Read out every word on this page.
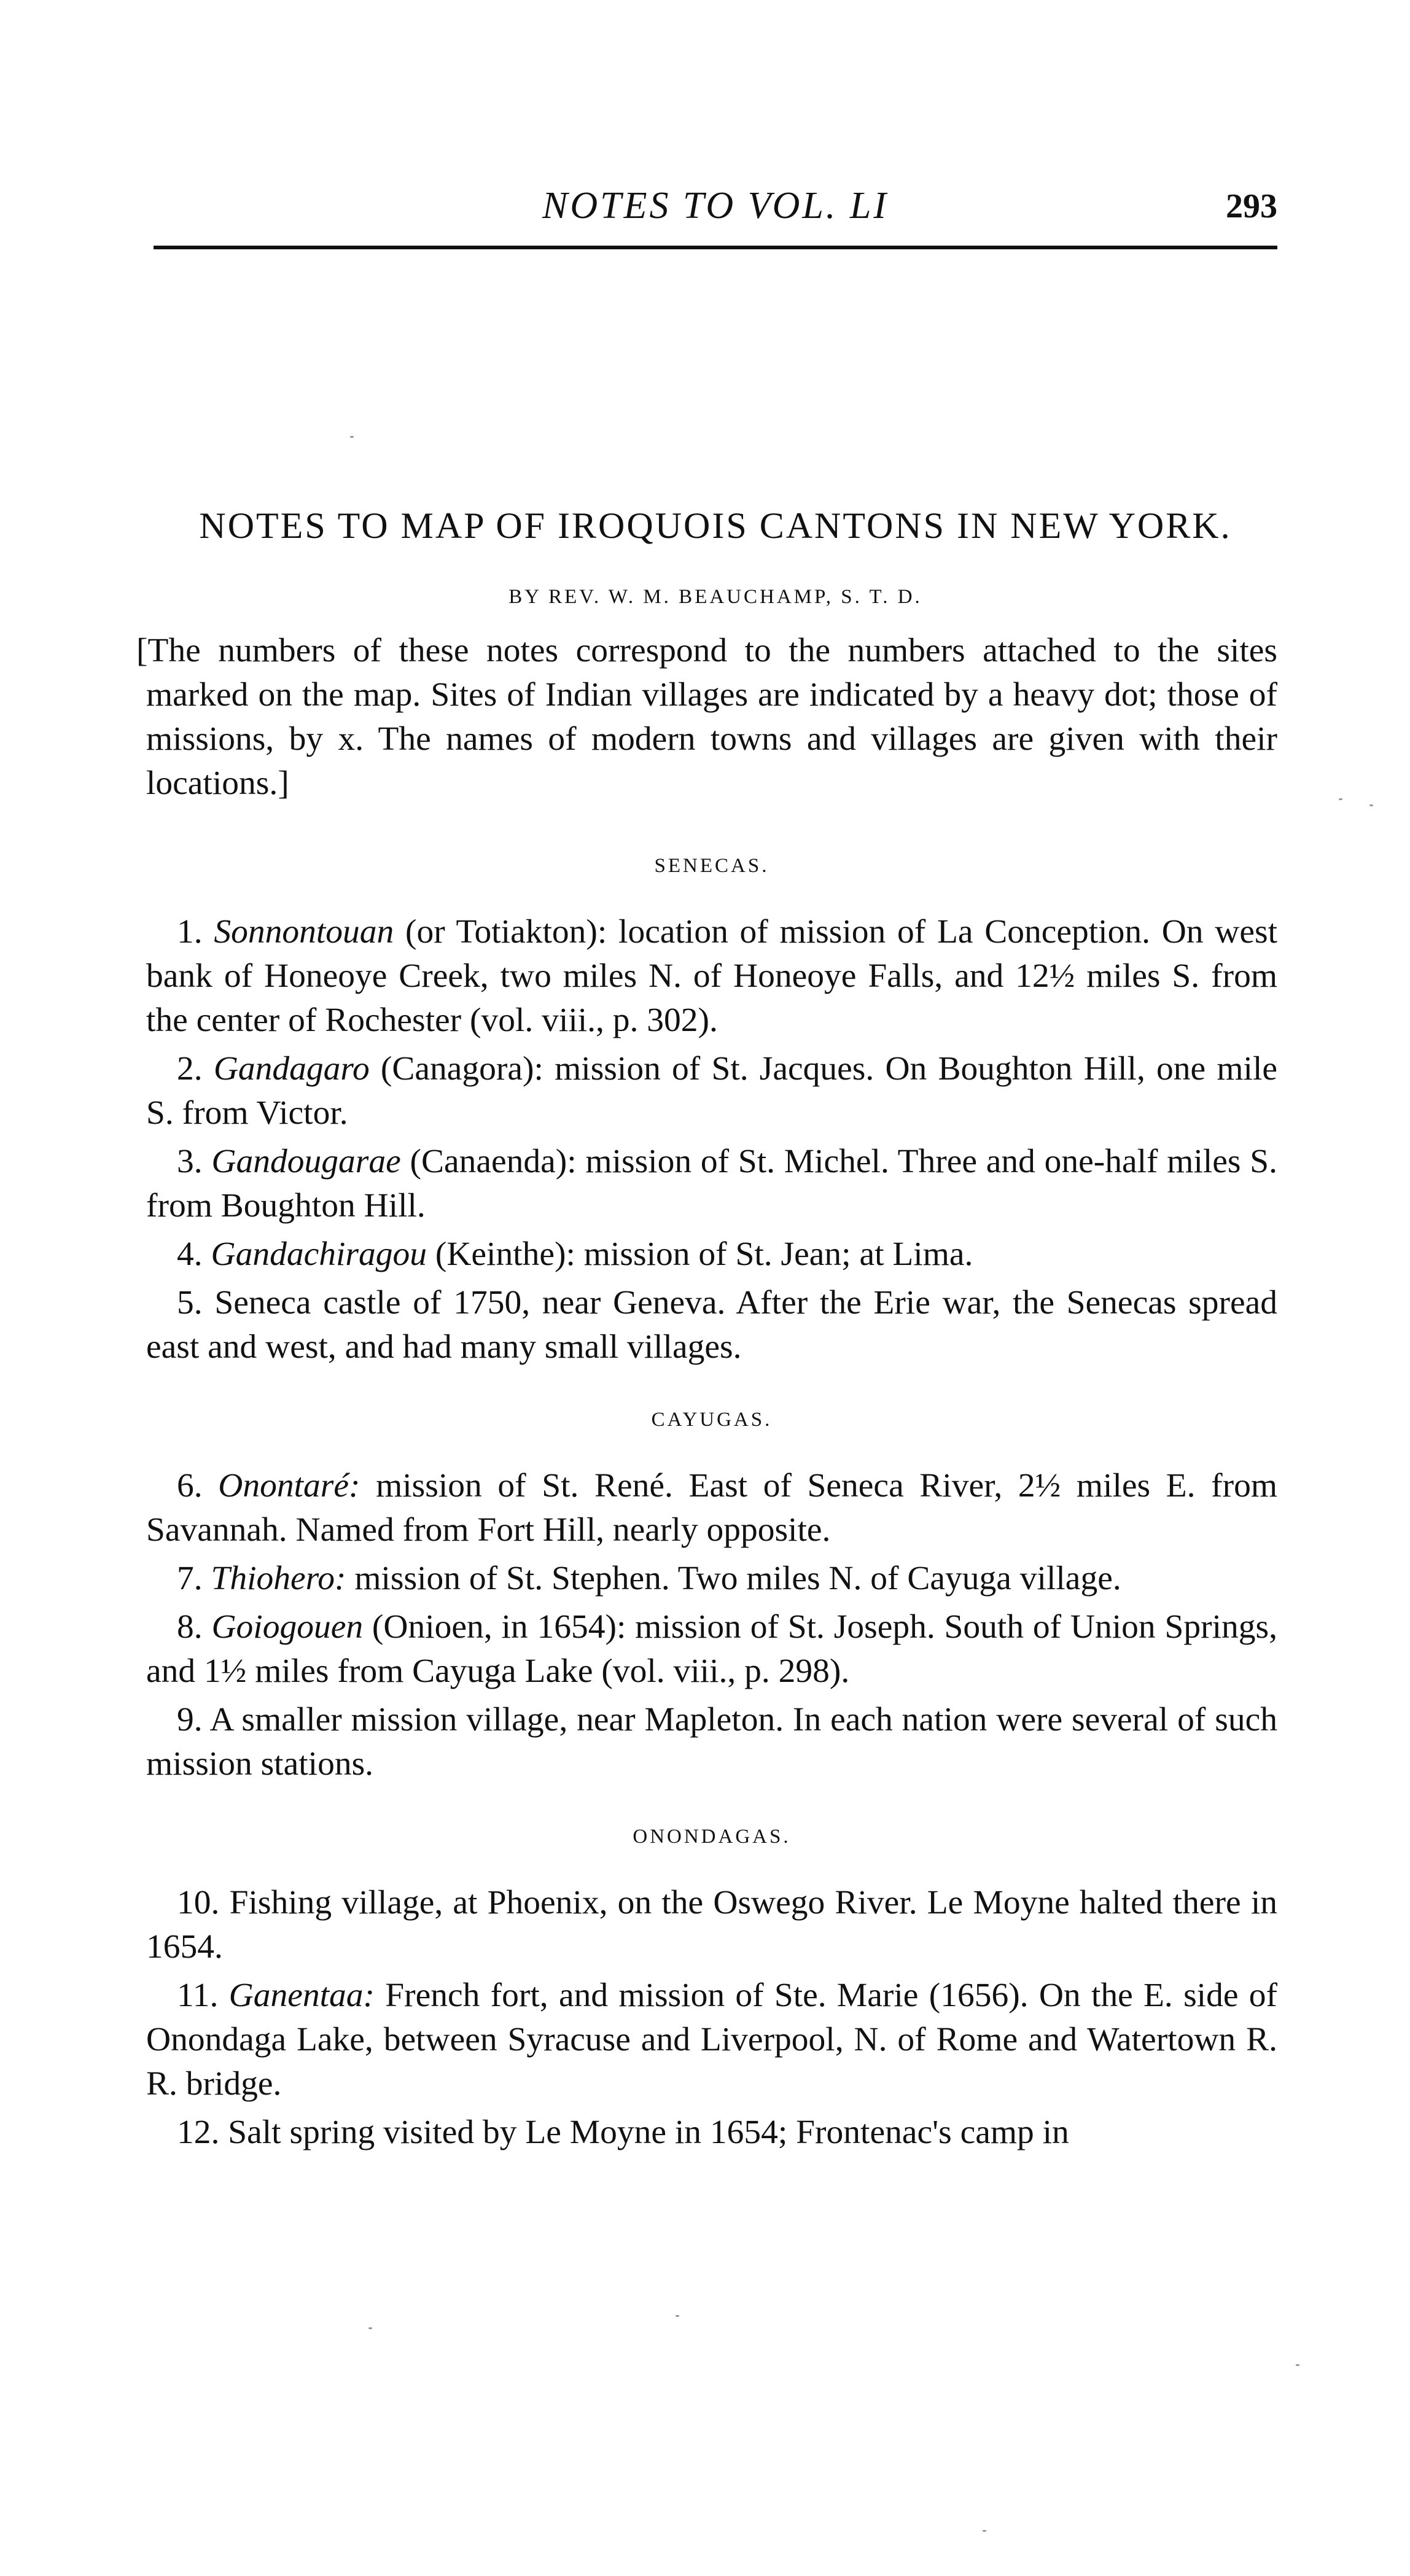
NOTES TO VOL. LI	293
NOTES TO MAP OF IROQUOIS CANTONS IN NEW YORK.
BY REV. W. M. BEAUCHAMP, S. T. D.

[The numbers of these notes correspond to the numbers attached to the sites marked on the map. Sites of Indian villages are indicated by a heavy dot; those of missions, by x. The names of modern towns and villages are given with their locations.]

SENECAS.

1. Sonnontouan (or Totiakton): location of mission of La Conception. On west bank of Honeoye Creek, two miles N. of Honeoye Falls, and 12½ miles S. from the center of Rochester (vol. viii., p. 302).

2. Gandagaro (Canagora): mission of St. Jacques. On Boughton Hill, one mile S. from Victor.

3. Gandougarae (Canaenda): mission of St. Michel. Three and one-half miles S. from Boughton Hill.

4. Gandachiragou (Keinthe): mission of St. Jean; at Lima.

5. Seneca castle of 1750, near Geneva. After the Erie war, the Senecas spread east and west, and had many small villages.

CAYUGAS.

6. Onontaré: mission of St. René. East of Seneca River, 2½ miles E. from Savannah. Named from Fort Hill, nearly opposite.

7. Thiohero: mission of St. Stephen. Two miles N. of Cayuga village.

8. Goiogouen (Onioen, in 1654): mission of St. Joseph. South of Union Springs, and 1½ miles from Cayuga Lake (vol. viii., p. 298).

9. A smaller mission village, near Mapleton. In each nation were several of such mission stations.

ONONDAGAS.

10. Fishing village, at Phoenix, on the Oswego River. Le Moyne halted there in 1654.

11. Ganentaa: French fort, and mission of Ste. Marie (1656). On the E. side of Onondaga Lake, between Syracuse and Liverpool, N. of Rome and Watertown R. R. bridge.

12. Salt spring visited by Le Moyne in 1654; Frontenac's camp in
